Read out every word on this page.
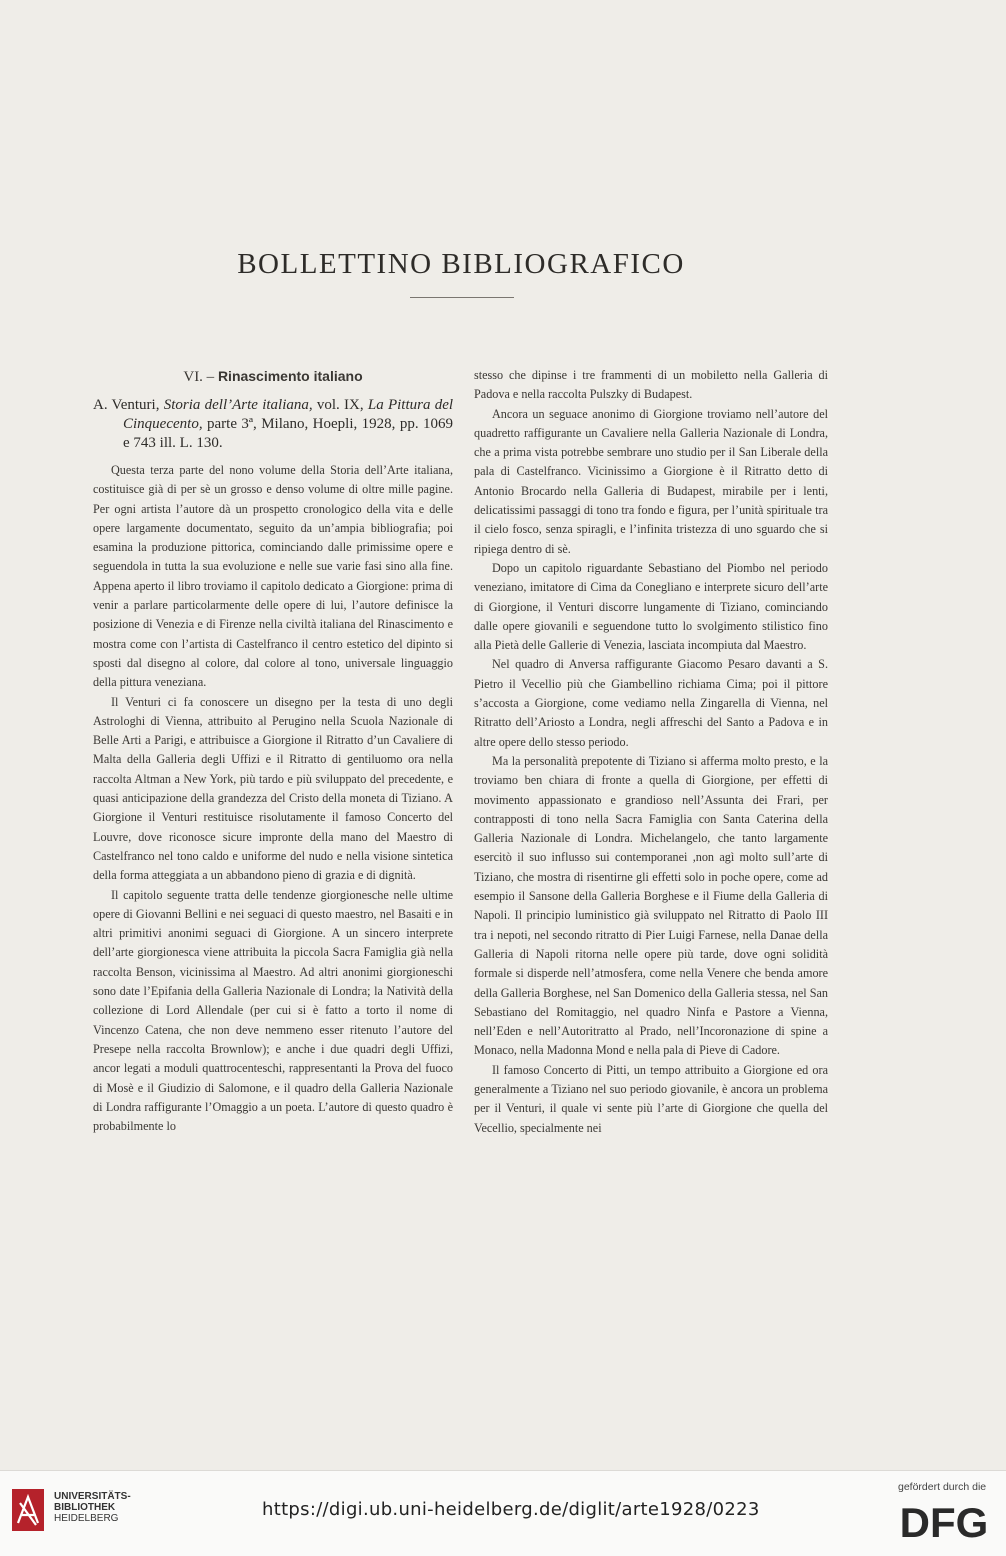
BOLLETTINO BIBLIOGRAFICO
VI. – Rinascimento italiano
A. Venturi, Storia dell’Arte italiana, vol. IX, La Pittura del Cinquecento, parte 3ª, Milano, Hoepli, 1928, pp. 1069 e 743 ill. L. 130.

Questa terza parte del nono volume della Storia dell’Arte italiana, costituisce già di per sè un grosso e denso volume di oltre mille pagine. Per ogni artista l’autore dà un prospetto cronologico della vita e delle opere largamente documentato, seguito da un’ampia bibliografia; poi esamina la produzione pittorica, cominciando dalle primissime opere e seguendola in tutta la sua evoluzione e nelle sue varie fasi sino alla fine. Appena aperto il libro troviamo il capitolo dedicato a Giorgione: prima di venir a parlare particolarmente delle opere di lui, l’autore definisce la posizione di Venezia e di Firenze nella civiltà italiana del Rinascimento e mostra come con l’artista di Castelfranco il centro estetico del dipinto si sposti dal disegno al colore, dal colore al tono, universale linguaggio della pittura veneziana.

Il Venturi ci fa conoscere un disegno per la testa di uno degli Astrologhi di Vienna, attribuito al Perugino nella Scuola Nazionale di Belle Arti a Parigi, e attribuisce a Giorgione il Ritratto d’un Cavaliere di Malta della Galleria degli Uffizi e il Ritratto di gentiluomo ora nella raccolta Altman a New York, più tardo e più sviluppato del precedente, e quasi anticipazione della grandezza del Cristo della moneta di Tiziano. A Giorgione il Venturi restituisce risolutamente il famoso Concerto del Louvre, dove riconosce sicure impronte della mano del Maestro di Castelfranco nel tono caldo e uniforme del nudo e nella visione sintetica della forma atteggiata a un abbandono pieno di grazia e di dignità.

Il capitolo seguente tratta delle tendenze giorgionesche nelle ultime opere di Giovanni Bellini e nei seguaci di questo maestro, nel Basaiti e in altri primitivi anonimi seguaci di Giorgione. A un sincero interprete dell’arte giorgionesca viene attribuita la piccola Sacra Famiglia già nella raccolta Benson, vicinissima al Maestro. Ad altri anonimi giorgioneschi sono date l’Epifania della Galleria Nazionale di Londra; la Natività della collezione di Lord Allendale (per cui si è fatto a torto il nome di Vincenzo Catena, che non deve nemmeno esser ritenuto l’autore del Presepe nella raccolta Brownlow); e anche i due quadri degli Uffizi, ancor legati a moduli quattrocenteschi, rappresentanti la Prova del fuoco di Mosè e il Giudizio di Salomone, e il quadro della Galleria Nazionale di Londra raffigurante l’Omaggio a un poeta. L’autore di questo quadro è probabilmente lo

stesso che dipinse i tre frammenti di un mobiletto nella Galleria di Padova e nella raccolta Pulszky di Budapest.

Ancora un seguace anonimo di Giorgione troviamo nell’autore del quadretto raffigurante un Cavaliere nella Galleria Nazionale di Londra, che a prima vista potrebbe sembrare uno studio per il San Liberale della pala di Castelfranco. Vicinissimo a Giorgione è il Ritratto detto di Antonio Brocardo nella Galleria di Budapest, mirabile per i lenti, delicatissimi passaggi di tono tra fondo e figura, per l’unità spirituale tra il cielo fosco, senza spiragli, e l’infinita tristezza di uno sguardo che si ripiega dentro di sè.

Dopo un capitolo riguardante Sebastiano del Piombo nel periodo veneziano, imitatore di Cima da Conegliano e interprete sicuro dell’arte di Giorgione, il Venturi discorre lungamente di Tiziano, cominciando dalle opere giovanili e seguendone tutto lo svolgimento stilistico fino alla Pietà delle Gallerie di Venezia, lasciata incompiuta dal Maestro.

Nel quadro di Anversa raffigurante Giacomo Pesaro davanti a S. Pietro il Vecellio più che Giambellino richiama Cima; poi il pittore s’accosta a Giorgione, come vediamo nella Zingarella di Vienna, nel Ritratto dell’Ariosto a Londra, negli affreschi del Santo a Padova e in altre opere dello stesso periodo.

Ma la personalità prepotente di Tiziano si afferma molto presto, e la troviamo ben chiara di fronte a quella di Giorgione, per effetti di movimento appassionato e grandioso nell’Assunta dei Frari, per contrapposti di tono nella Sacra Famiglia con Santa Caterina della Galleria Nazionale di Londra. Michelangelo, che tanto largamente esercitò il suo influsso sui contemporanei ,non agì molto sull’arte di Tiziano, che mostra di risentirne gli effetti solo in poche opere, come ad esempio il Sansone della Galleria Borghese e il Fiume della Galleria di Napoli. Il principio luministico già sviluppato nel Ritratto di Paolo III tra i nepoti, nel secondo ritratto di Pier Luigi Farnese, nella Danae della Galleria di Napoli ritorna nelle opere più tarde, dove ogni solidità formale si disperde nell’atmosfera, come nella Venere che benda amore della Galleria Borghese, nel San Domenico della Galleria stessa, nel San Sebastiano del Romitaggio, nel quadro Ninfa e Pastore a Vienna, nell’Eden e nell’Autoritratto al Prado, nell’Incoronazione di spine a Monaco, nella Madonna Mond e nella pala di Pieve di Cadore.

Il famoso Concerto di Pitti, un tempo attribuito a Giorgione ed ora generalmente a Tiziano nel suo periodo giovanile, è ancora un problema per il Venturi, il quale vi sente più l’arte di Giorgione che quella del Vecellio, specialmente nei

UNIVERSITÄTS-
BIBLIOTHEK
HEIDELBERG	https://digi.ub.uni-heidelberg.de/diglit/arte1928/0223
gefördert durch die
DFG
